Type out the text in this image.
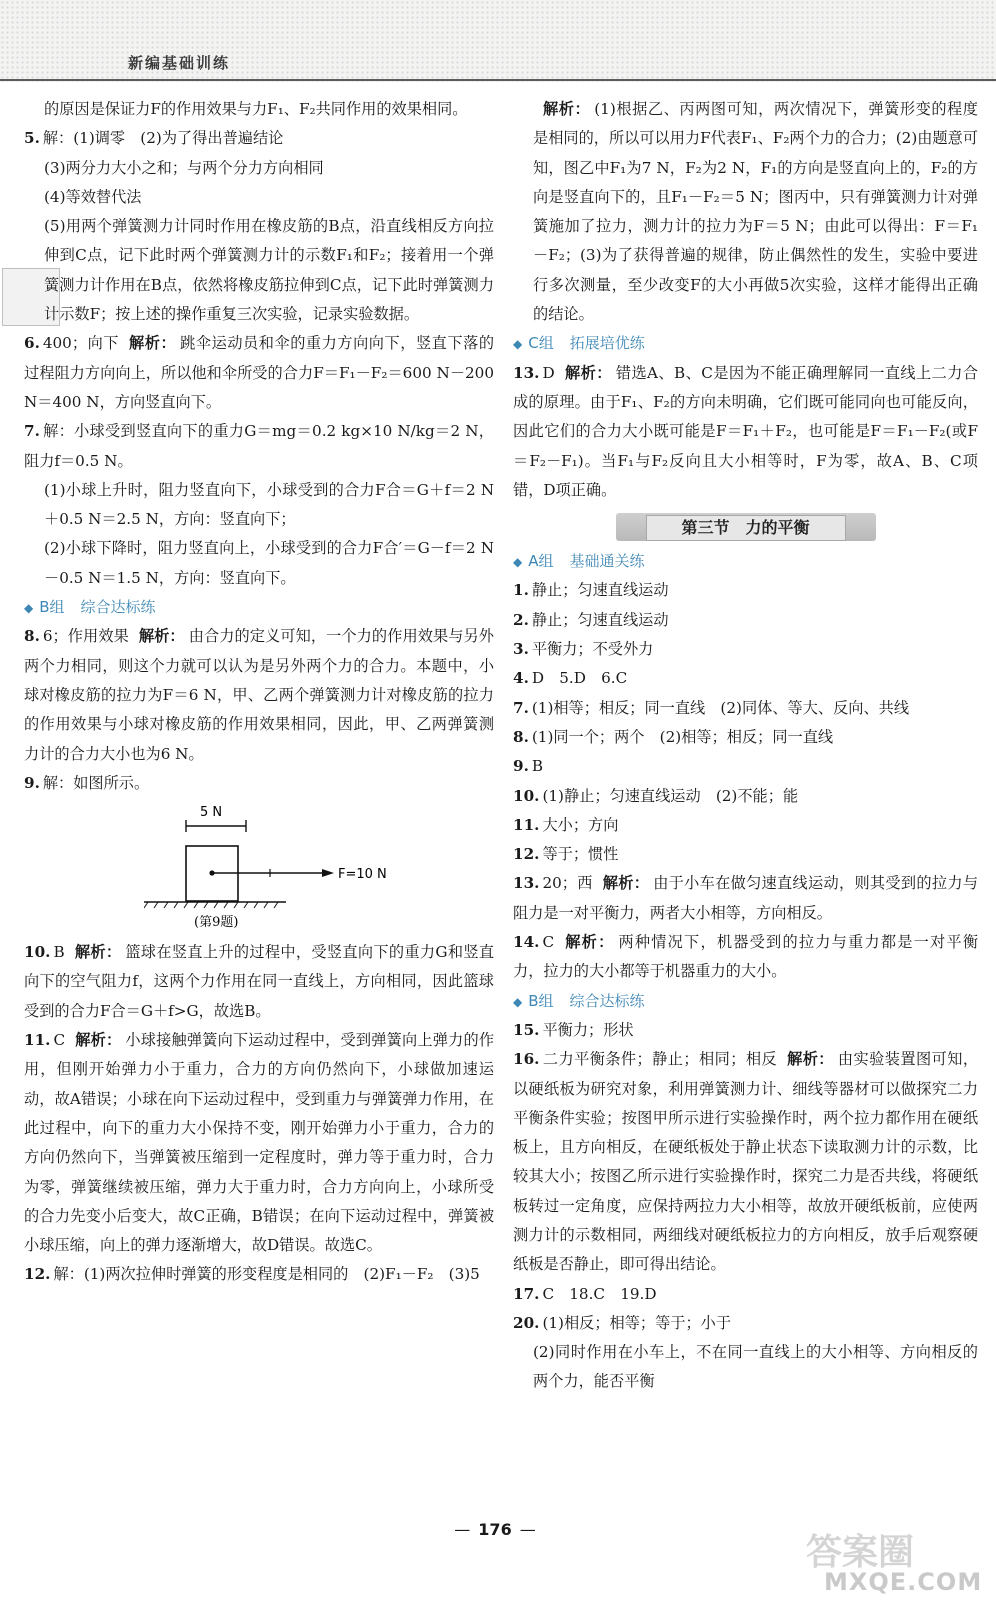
新编基础训练

的原因是保证力F的作用效果与力F₁、F₂共同作用的效果相同。

5. 解：(1)调零　(2)为了得出普遍结论

(3)两分力大小之和；与两个分力方向相同

(4)等效替代法

(5)用两个弹簧测力计同时作用在橡皮筋的B点，沿直线相反方向拉伸到C点，记下此时两个弹簧测力计的示数F₁和F₂；接着用一个弹簧测力计作用在B点，依然将橡皮筋拉伸到C点，记下此时弹簧测力计示数F；按上述的操作重复三次实验，记录实验数据。

6. 400；向下 解析： 跳伞运动员和伞的重力方向向下，竖直下落的过程阻力方向向上，所以他和伞所受的合力F＝F₁－F₂＝600 N－200 N＝400 N，方向竖直向下。

7. 解：小球受到竖直向下的重力G＝mg＝0.2 kg×10 N/kg＝2 N，阻力f＝0.5 N。

(1)小球上升时，阻力竖直向下，小球受到的合力F合＝G＋f＝2 N＋0.5 N＝2.5 N，方向：竖直向下；

(2)小球下降时，阻力竖直向上，小球受到的合力F合′＝G－f＝2 N－0.5 N＝1.5 N，方向：竖直向下。

◆ B组 综合达标练

8. 6；作用效果 解析： 由合力的定义可知，一个力的作用效果与另外两个力相同，则这个力就可以认为是另外两个力的合力。本题中，小球对橡皮筋的拉力为F＝6 N，甲、乙两个弹簧测力计对橡皮筋的拉力的作用效果与小球对橡皮筋的作用效果相同，因此，甲、乙两弹簧测力计的合力大小也为6 N。

9. 解：如图所示。

5 N
F=10 N
(第9题)

10. B 解析： 篮球在竖直上升的过程中，受竖直向下的重力G和竖直向下的空气阻力f，这两个力作用在同一直线上，方向相同，因此篮球受到的合力F合＝G＋f>G，故选B。

11. C 解析： 小球接触弹簧向下运动过程中，受到弹簧向上弹力的作用，但刚开始弹力小于重力，合力的方向仍然向下，小球做加速运动，故A错误；小球在向下运动过程中，受到重力与弹簧弹力作用，在此过程中，向下的重力大小保持不变，刚开始弹力小于重力，合力的方向仍然向下，当弹簧被压缩到一定程度时，弹力等于重力时，合力为零，弹簧继续被压缩，弹力大于重力时，合力方向向上，小球所受的合力先变小后变大，故C正确，B错误；在向下运动过程中，弹簧被小球压缩，向上的弹力逐渐增大，故D错误。故选C。

12. 解：(1)两次拉伸时弹簧的形变程度是相同的　(2)F₁－F₂　(3)5

解析： (1)根据乙、丙两图可知，两次情况下，弹簧形变的程度是相同的，所以可以用力F代表F₁、F₂两个力的合力；(2)由题意可知，图乙中F₁为7 N，F₂为2 N，F₁的方向是竖直向上的，F₂的方向是竖直向下的，且F₁－F₂＝5 N；图丙中，只有弹簧测力计对弹簧施加了拉力，测力计的拉力为F＝5 N；由此可以得出：F＝F₁－F₂；(3)为了获得普遍的规律，防止偶然性的发生，实验中要进行多次测量，至少改变F的大小再做5次实验，这样才能得出正确的结论。

◆ C组 拓展培优练

13. D 解析： 错选A、B、C是因为不能正确理解同一直线上二力合成的原理。由于F₁、F₂的方向未明确，它们既可能同向也可能反向，因此它们的合力大小既可能是F＝F₁＋F₂，也可能是F＝F₁－F₂(或F＝F₂－F₁)。当F₁与F₂反向且大小相等时，F为零，故A、B、C项错，D项正确。

第三节　力的平衡
◆ A组 基础通关练

1. 静止；匀速直线运动

2. 静止；匀速直线运动

3. 平衡力；不受外力

4. D　5.D　6.C

7. (1)相等；相反；同一直线　(2)同体、等大、反向、共线

8. (1)同一个；两个　(2)相等；相反；同一直线

9. B

10. (1)静止；匀速直线运动　(2)不能；能

11. 大小；方向

12. 等于；惯性

13. 20；西 解析： 由于小车在做匀速直线运动，则其受到的拉力与阻力是一对平衡力，两者大小相等，方向相反。

14. C 解析： 两种情况下，机器受到的拉力与重力都是一对平衡力，拉力的大小都等于机器重力的大小。

◆ B组 综合达标练

15. 平衡力；形状

16. 二力平衡条件；静止；相同；相反 解析： 由实验装置图可知，以硬纸板为研究对象，利用弹簧测力计、细线等器材可以做探究二力平衡条件实验；按图甲所示进行实验操作时，两个拉力都作用在硬纸板上，且方向相反，在硬纸板处于静止状态下读取测力计的示数，比较其大小；按图乙所示进行实验操作时，探究二力是否共线，将硬纸板转过一定角度，应保持两拉力大小相等，故放开硬纸板前，应使两测力计的示数相同，两细线对硬纸板拉力的方向相反，放手后观察硬纸板是否静止，即可得出结论。

17. C　18.C　19.D

20. (1)相反；相等；等于；小于

(2)同时作用在小车上，不在同一直线上的大小相等、方向相反的两个力，能否平衡

— 176 —
答案圈
MXQE.COM
